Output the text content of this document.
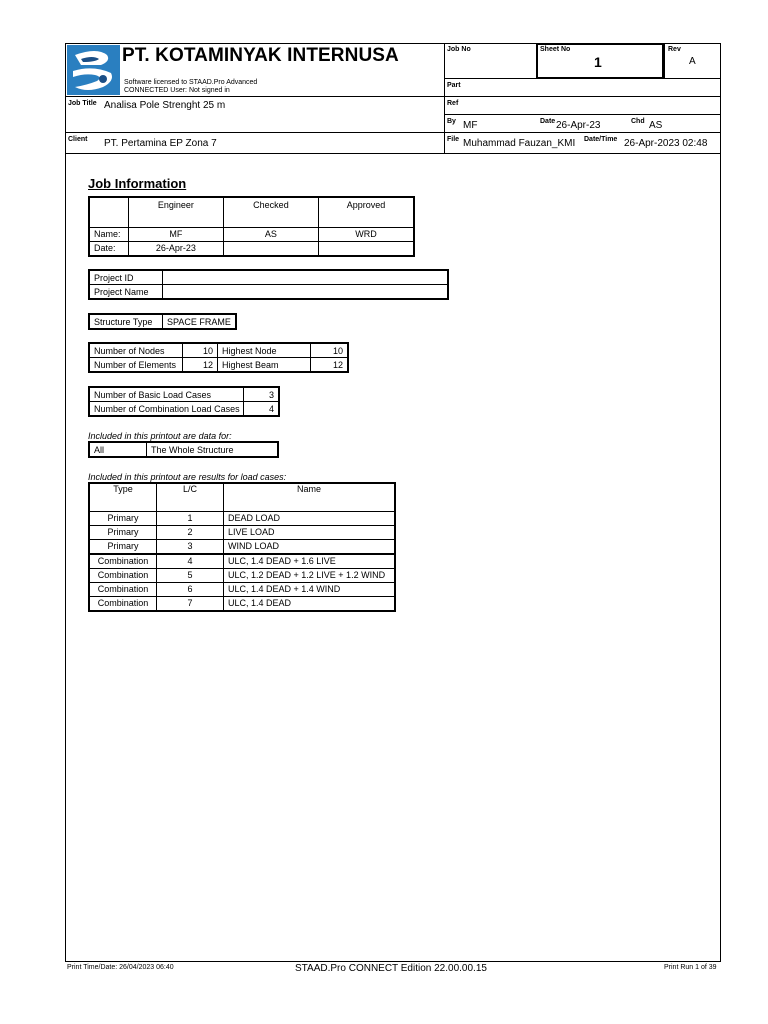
PT. KOTAMINYAK INTERNUSA
Software licensed to STAAD.Pro Advanced
CONNECTED User: Not signed in
Job No	Sheet No
1
Rev
A
Part
Ref
Job Title Analisa Pole Strenght 25 m
By MF	Date 26-Apr-23	Chd AS
Client PT. Pertamina EP Zona 7	File Muhammad Fauzan_KMI Date/Time 26-Apr-2023 02:48
Job Information
	Engineer	Checked	Approved
Name:	MF	AS	WRD
Date:	26-Apr-23		
Project ID	
Project Name	
Structure Type	SPACE FRAME
Number of Nodes	10	Highest Node	10
Number of Elements	12	Highest Beam	12
Number of Basic Load Cases	3
Number of Combination Load Cases	4
Included in this printout are data for:
All	The Whole Structure
Included in this printout are results for load cases:
Type	L/C	Name
Primary	1	DEAD LOAD
Primary	2	LIVE LOAD
Primary	3	WIND LOAD
Combination	4	ULC, 1.4 DEAD + 1.6 LIVE
Combination	5	ULC, 1.2 DEAD + 1.2 LIVE + 1.2 WIND
Combination	6	ULC, 1.4 DEAD + 1.4 WIND
Combination	7	ULC, 1.4 DEAD
Print Time/Date: 26/04/2023 06:40	STAAD.Pro CONNECT Edition 22.00.00.15	Print Run 1 of 39
